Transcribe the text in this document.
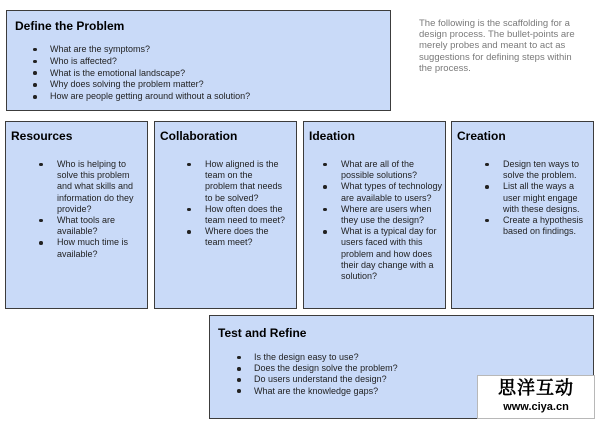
Define the Problem
What are the symptoms?
Who is affected?
What is the emotional landscape?
Why does solving the problem matter?
How are people getting around without a solution?
The following is the scaffolding for a design process. The bullet-points are merely probes and meant to act as suggestions for defining steps within the process.
Resources
Who is helping to solve this problem and what skills and information do they provide?
What tools are available?
How much time is available?
Collaboration
How aligned is the team on the problem that needs to be solved?
How often does the team need to meet?
Where does the team meet?
Ideation
What are all of the possible solutions?
What types of technology are available to users?
Where are users when they use the design?
What is a typical day for users faced with this problem and how does their day change with a solution?
Creation
Design ten ways to solve the problem.
List all the ways a user might engage with these designs.
Create a hypothesis based on findings.
Test and Refine
Is the design easy to use?
Does the design solve the problem?
Do users understand the design?
What are the knowledge gaps?	思洋互动
www.ciya.cn
